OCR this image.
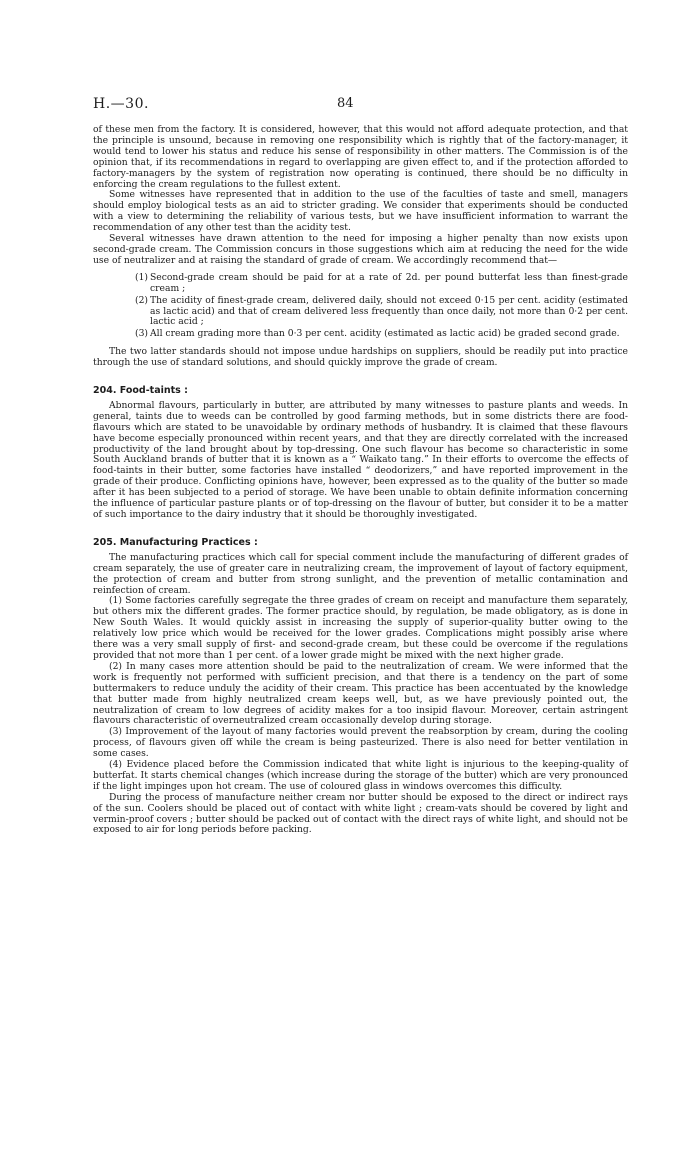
H.—30.	84

of these men from the factory. It is considered, however, that this would not afford adequate protection, and that the principle is unsound, because in removing one responsibility which is rightly that of the factory-manager, it would tend to lower his status and reduce his sense of responsibility in other matters. The Commission is of the opinion that, if its recommendations in regard to overlapping are given effect to, and if the protection afforded to factory-managers by the system of registration now operating is continued, there should be no difficulty in enforcing the cream regulations to the fullest extent.

Some witnesses have represented that in addition to the use of the faculties of taste and smell, managers should employ biological tests as an aid to stricter grading. We consider that experiments should be conducted with a view to determining the reliability of various tests, but we have insufficient information to warrant the recommendation of any other test than the acidity test.

Several witnesses have drawn attention to the need for imposing a higher penalty than now exists upon second-grade cream. The Commission concurs in those suggestions which aim at reducing the need for the wide use of neutralizer and at raising the standard of grade of cream. We accordingly recommend that—

(1) Second-grade cream should be paid for at a rate of 2d. per pound butterfat less than finest-grade cream ;
(2) The acidity of finest-grade cream, delivered daily, should not exceed 0·15 per cent. acidity (estimated as lactic acid) and that of cream delivered less frequently than once daily, not more than 0·2 per cent. lactic acid ;
(3) All cream grading more than 0·3 per cent. acidity (estimated as lactic acid) be graded second grade.

The two latter standards should not impose undue hardships on suppliers, should be readily put into practice through the use of standard solutions, and should quickly improve the grade of cream.

204. Food-taints :

Abnormal flavours, particularly in butter, are attributed by many witnesses to pasture plants and weeds. In general, taints due to weeds can be controlled by good farming methods, but in some districts there are food-flavours which are stated to be unavoidable by ordinary methods of husbandry. It is claimed that these flavours have become especially pronounced within recent years, and that they are directly correlated with the increased productivity of the land brought about by top-dressing. One such flavour has become so characteristic in some South Auckland brands of butter that it is known as a “ Waikato tang.” In their efforts to overcome the effects of food-taints in their butter, some factories have installed “ deodorizers,” and have reported improvement in the grade of their produce. Conflicting opinions have, however, been expressed as to the quality of the butter so made after it has been subjected to a period of storage. We have been unable to obtain definite information concerning the influence of particular pasture plants or of top-dressing on the flavour of butter, but consider it to be a matter of such importance to the dairy industry that it should be thoroughly investigated.

205. Manufacturing Practices :

The manufacturing practices which call for special comment include the manufacturing of different grades of cream separately, the use of greater care in neutralizing cream, the improvement of layout of factory equipment, the protection of cream and butter from strong sunlight, and the prevention of metallic contamination and reinfection of cream.

(1) Some factories carefully segregate the three grades of cream on receipt and manufacture them separately, but others mix the different grades. The former practice should, by regulation, be made obligatory, as is done in New South Wales. It would quickly assist in increasing the supply of superior-quality butter owing to the relatively low price which would be received for the lower grades. Complications might possibly arise where there was a very small supply of first- and second-grade cream, but these could be overcome if the regulations provided that not more than 1 per cent. of a lower grade might be mixed with the next higher grade.

(2) In many cases more attention should be paid to the neutralization of cream. We were informed that the work is frequently not performed with sufficient precision, and that there is a tendency on the part of some buttermakers to reduce unduly the acidity of their cream. This practice has been accentuated by the knowledge that butter made from highly neutralized cream keeps well, but, as we have previously pointed out, the neutralization of cream to low degrees of acidity makes for a too insipid flavour. Moreover, certain astringent flavours characteristic of overneutralized cream occasionally develop during storage.

(3) Improvement of the layout of many factories would prevent the reabsorption by cream, during the cooling process, of flavours given off while the cream is being pasteurized. There is also need for better ventilation in some cases.

(4) Evidence placed before the Commission indicated that white light is injurious to the keeping-quality of butterfat. It starts chemical changes (which increase during the storage of the butter) which are very pronounced if the light impinges upon hot cream. The use of coloured glass in windows overcomes this difficulty.

During the process of manufacture neither cream nor butter should be exposed to the direct or indirect rays of the sun. Coolers should be placed out of contact with white light ; cream-vats should be covered by light and vermin-proof covers ; butter should be packed out of contact with the direct rays of white light, and should not be exposed to air for long periods before packing.
